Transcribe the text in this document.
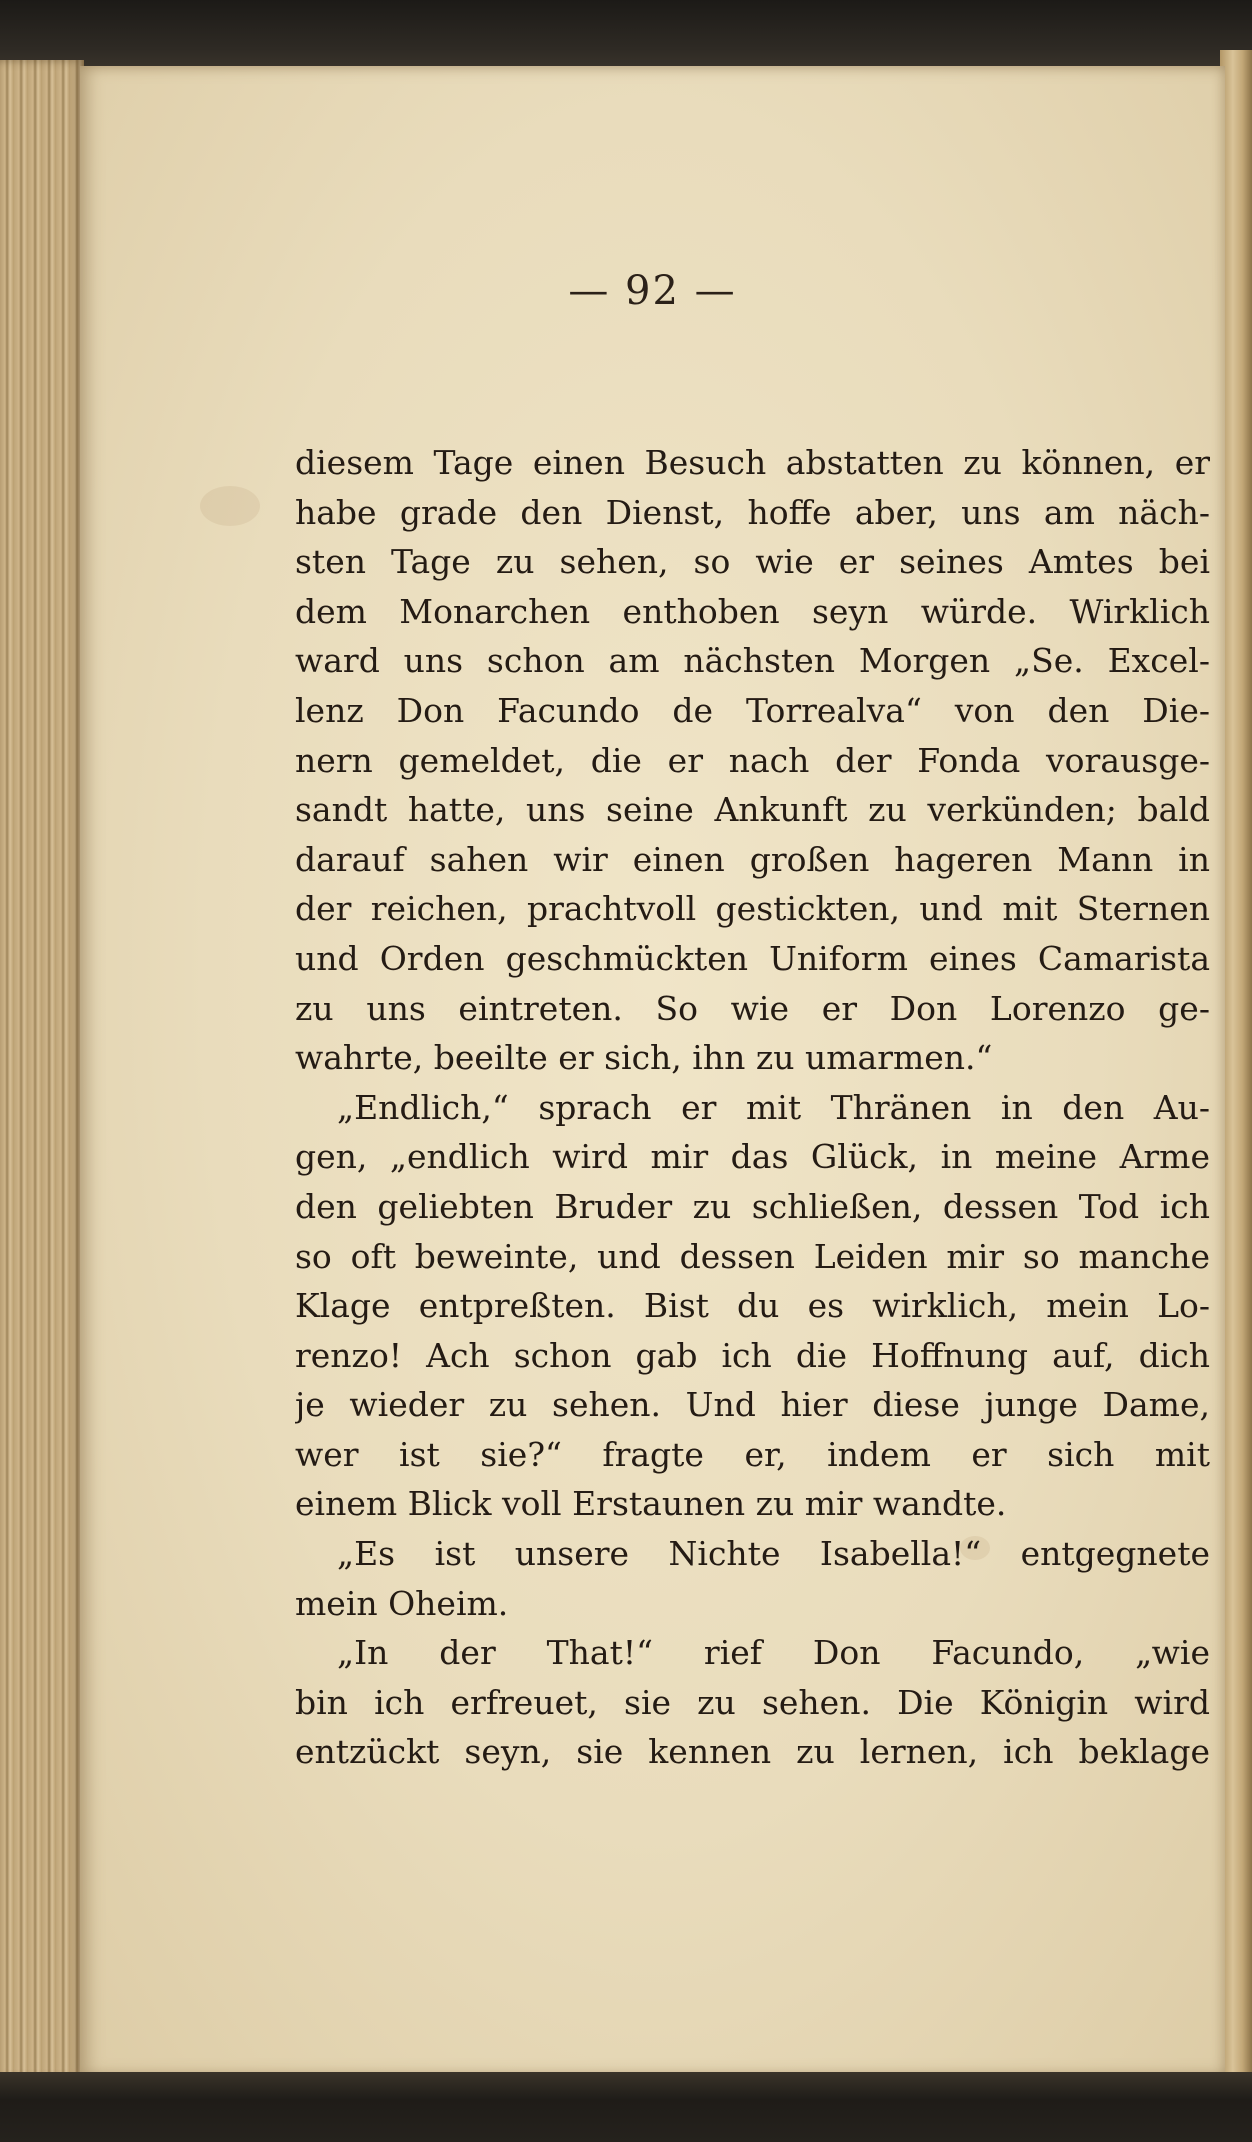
— 92 —
diesem Tage einen Besuch abstatten zu können, er
habe grade den Dienst, hoffe aber, uns am näch-
sten Tage zu sehen, so wie er seines Amtes bei
dem Monarchen enthoben seyn würde. Wirklich
ward uns schon am nächsten Morgen „Se. Excel-
lenz Don Facundo de Torrealva“ von den Die-
nern gemeldet, die er nach der Fonda vorausge-
sandt hatte, uns seine Ankunft zu verkünden; bald
darauf sahen wir einen großen hageren Mann in
der reichen, prachtvoll gestickten, und mit Sternen
und Orden geschmückten Uniform eines Camarista
zu uns eintreten. So wie er Don Lorenzo ge-
wahrte, beeilte er sich, ihn zu umarmen.“
„Endlich,“ sprach er mit Thränen in den Au-
gen, „endlich wird mir das Glück, in meine Arme
den geliebten Bruder zu schließen, dessen Tod ich
so oft beweinte, und dessen Leiden mir so manche
Klage entpreßten. Bist du es wirklich, mein Lo-
renzo! Ach schon gab ich die Hoffnung auf, dich
je wieder zu sehen. Und hier diese junge Dame,
wer ist sie?“ fragte er, indem er sich mit
einem Blick voll Erstaunen zu mir wandte.
„Es ist unsere Nichte Isabella!“ entgegnete
mein Oheim.
„In der That!“ rief Don Facundo, „wie
bin ich erfreuet, sie zu sehen. Die Königin wird
entzückt seyn, sie kennen zu lernen, ich beklage
